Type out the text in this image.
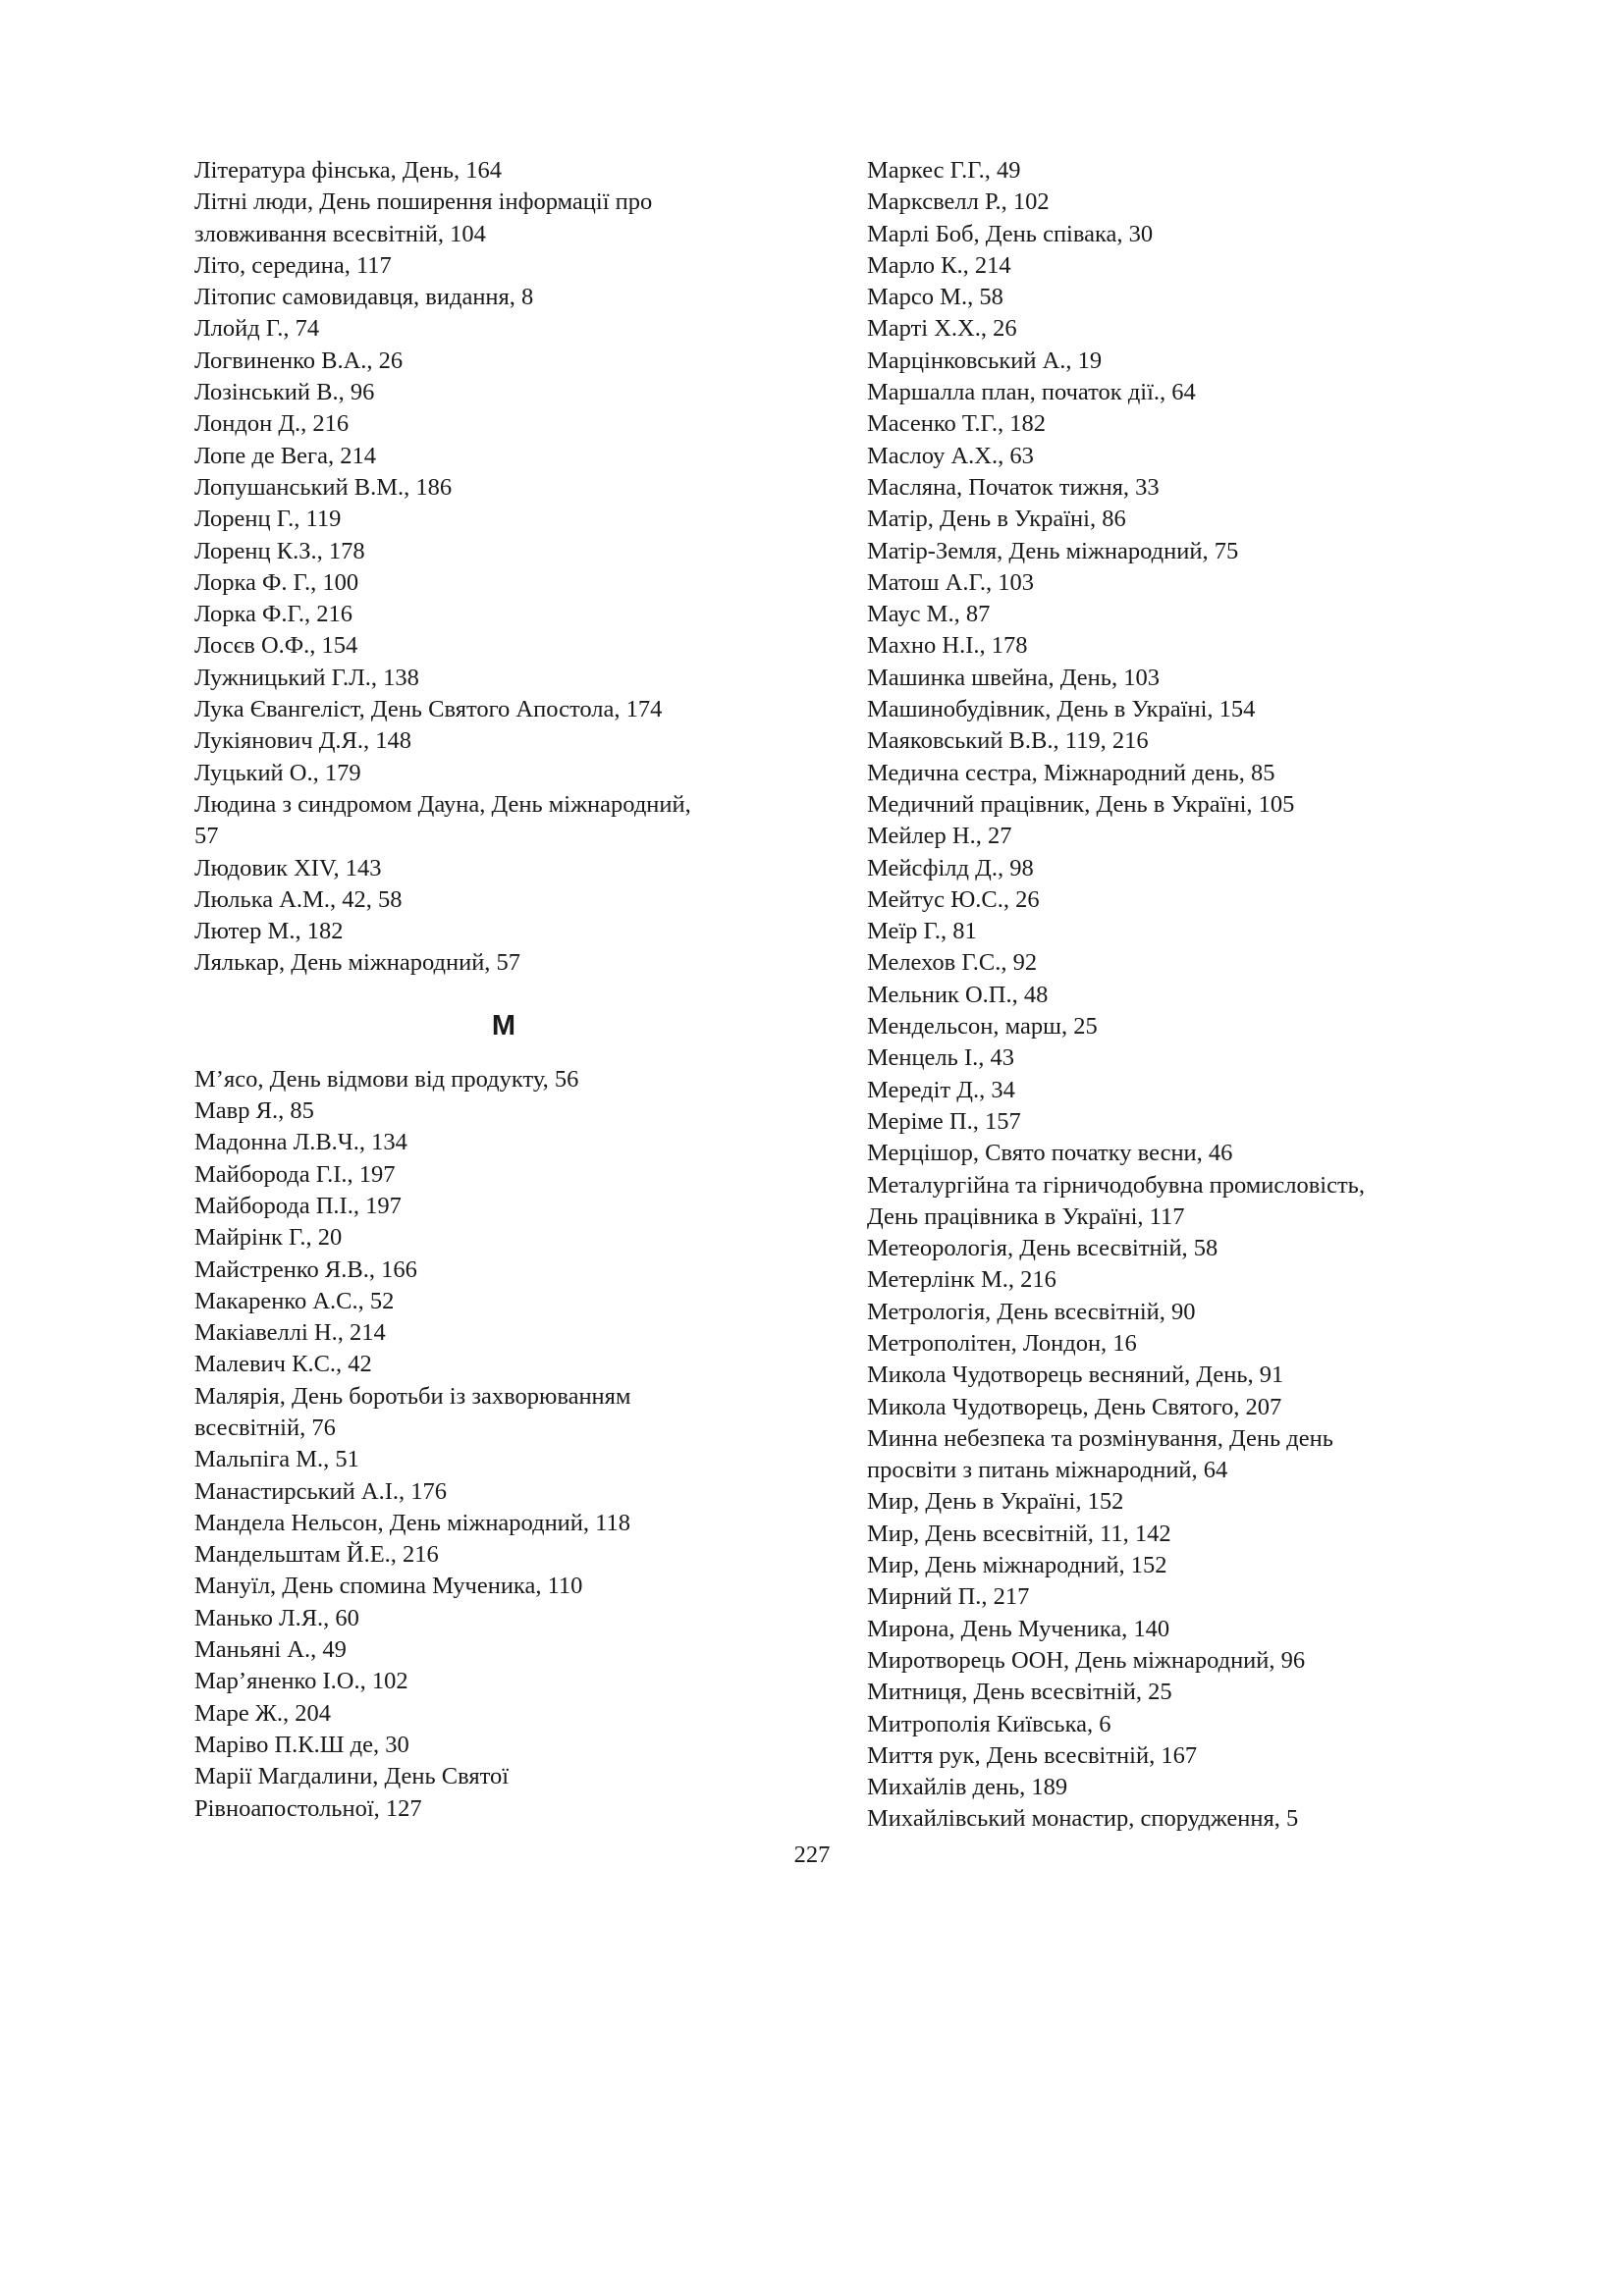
Література фінська, День, 164

Літні люди, День поширення інформації про
зловживання всесвітній, 104

Літо, середина, 117

Літопис самовидавця, видання, 8

Ллойд Г., 74

Логвиненко В.А., 26

Лозінський В., 96

Лондон Д., 216

Лопе де Вега, 214

Лопушанський В.М., 186

Лоренц Г., 119

Лоренц К.З., 178

Лорка Ф. Г., 100

Лорка Ф.Г., 216

Лосєв О.Ф., 154

Лужницький Г.Л., 138

Лука Євангеліст, День Святого Апостола, 174

Лукіянович Д.Я., 148

Луцький О., 179

Людина з синдромом Дауна, День міжнародний,
57

Людовик XIV, 143

Люлька А.М., 42, 58

Лютер М., 182

Лялькар, День міжнародний, 57

М

М’ясо, День відмови від продукту, 56

Мавр Я., 85

Мадонна Л.В.Ч., 134

Майборода Г.І., 197

Майборода П.І., 197

Майрінк Г., 20

Майстренко Я.В., 166

Макаренко А.С., 52

Макіавеллі Н., 214

Малевич К.С., 42

Малярія, День боротьби із захворюванням
всесвітній, 76

Мальпіга М., 51

Манастирський А.І., 176

Мандела Нельсон, День міжнародний, 118

Мандельштам Й.Е., 216

Мануїл, День спомина Мученика, 110

Манько Л.Я., 60

Маньяні А., 49

Мар’яненко І.О., 102

Маре Ж., 204

Маріво П.К.Ш де, 30

Марії Магдалини, День Святої
Рівноапостольної, 127

Маркес Г.Г., 49

Марксвелл Р., 102

Марлі Боб, День співака, 30

Марло К., 214

Марсо М., 58

Марті Х.Х., 26

Марцінковський А., 19

Маршалла план, початок дії., 64

Масенко Т.Г., 182

Маслоу А.Х., 63

Масляна, Початок тижня, 33

Матір, День в Україні, 86

Матір-Земля, День міжнародний, 75

Матош А.Г., 103

Маус М., 87

Махно Н.І., 178

Машинка швейна, День, 103

Машинобудівник, День в Україні, 154

Маяковський В.В., 119, 216

Медична сестра, Міжнародний день, 85

Медичний працівник, День в Україні, 105

Мейлер Н., 27

Мейсфілд Д., 98

Мейтус Ю.С., 26

Меїр Г., 81

Мелехов Г.С., 92

Мельник О.П., 48

Мендельсон, марш, 25

Менцель І., 43

Мередіт Д., 34

Меріме П., 157

Мерцішор, Свято початку весни, 46

Металургійна та гірничодобувна промисловість,
День працівника в Україні, 117

Метеорологія, День всесвітній, 58

Метерлінк М., 216

Метрологія, День всесвітній, 90

Метрополітен, Лондон, 16

Микола Чудотворець весняний, День, 91

Микола Чудотворець, День Святого, 207

Минна небезпека та розмінування, День день
просвіти з питань міжнародний, 64

Мир, День в Україні, 152

Мир, День всесвітній, 11, 142

Мир, День міжнародний, 152

Мирний П., 217

Мирона, День Мученика, 140

Миротворець ООН, День міжнародний, 96

Митниця, День всесвітній, 25

Митрополія Київська, 6

Миття рук, День всесвітній, 167

Михайлів день, 189

Михайлівський монастир, спорудження, 5

227
